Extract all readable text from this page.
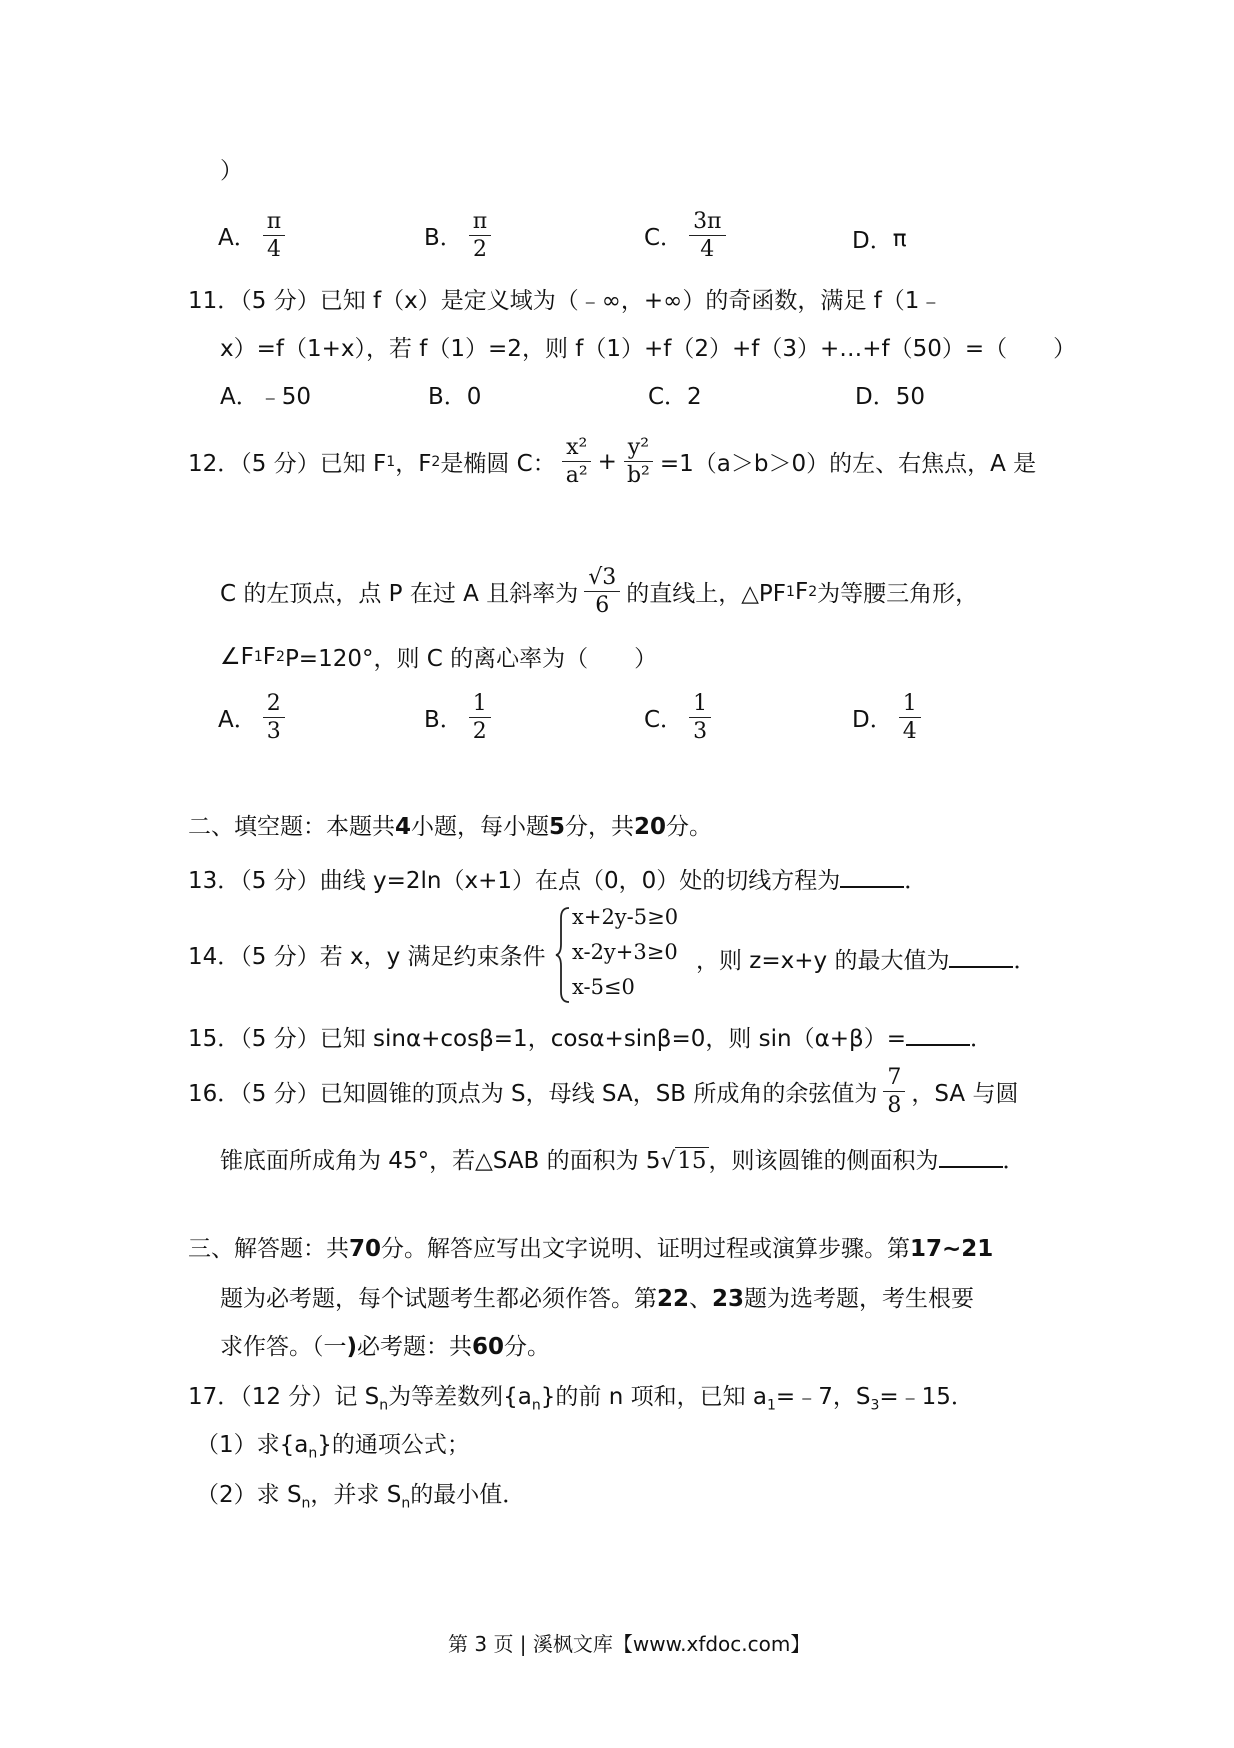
）
A． $\frac{\pi}{4}$	B． $\frac{\pi}{2}$	C． $\frac{3\pi}{4}$	D． π
11．（5 分）已知 f（x）是定义域为（﹣∞，+∞）的奇函数，满足 f（1﹣
x）=f（1+x），若 f（1）=2，则 f（1）+f（2）+f（3）+…+f（50）=（　　）
A．﹣50	B．0	C．2	D．50
12．（5 分）已知 F 1 ，F 2 是椭圆 C： $\frac{\text{x²}}{\text{a²}} + \frac{\text{y²}}{\text{b²}} =1(a>b>0)$的左、右焦点，A 是
C 的左顶点，点 P 在过 A 且斜率为 $\frac{√3}{6}$ 的直线上，△PF 1 F 2 为等腰三角形，
∠F 1 F 2 P=120°，则 C 的离心率为（　　）
A． $\frac{2}{3}$	B． $\frac{1}{2}$	C． $\frac{1}{3}$	D． $\frac{1}{4}$
二、填空题：本题共4小题，每小题5分，共20分。
13．（5 分）曲线 y=2ln（x+1）在点（0，0）处的切线方程为	．
14．（5 分）若 x，y 满足约束条件
x+2y-5≥0
x-2y+3≥0
x-5≤0
，则 z=x+y 的最大值为	．
15．（5 分）已知 sinα+cosβ=1，cosα+sinβ=0，则 sin（α+β）=	．
16．（5 分）已知圆锥的顶点为 S，母线 SA，SB 所成角的余弦值为 $\frac{7}{8}$ ，SA 与圆
锥底面所成角为 45°，若△SAB 的面积为 5√15，则该圆锥的侧面积为	．
三、解答题：共70分。解答应写出文字说明、证明过程或演算步骤。第17~21
题为必考题，每个试题考生都必须作答。第22、23题为选考题，考生根要
求作答。（一)必考题：共60分。
17．（12 分）记 $S_n$为等差数列$\{a_n\}$的前 n 项和，已知 $a_1=﹣7$，$S_3=﹣15$．
（1）求$\{a_n\}$的通项公式；
（2）求 $S_n$，并求 $S_n$的最小值．
第 3 页 | 溪枫文库【www.xfdoc.com】
